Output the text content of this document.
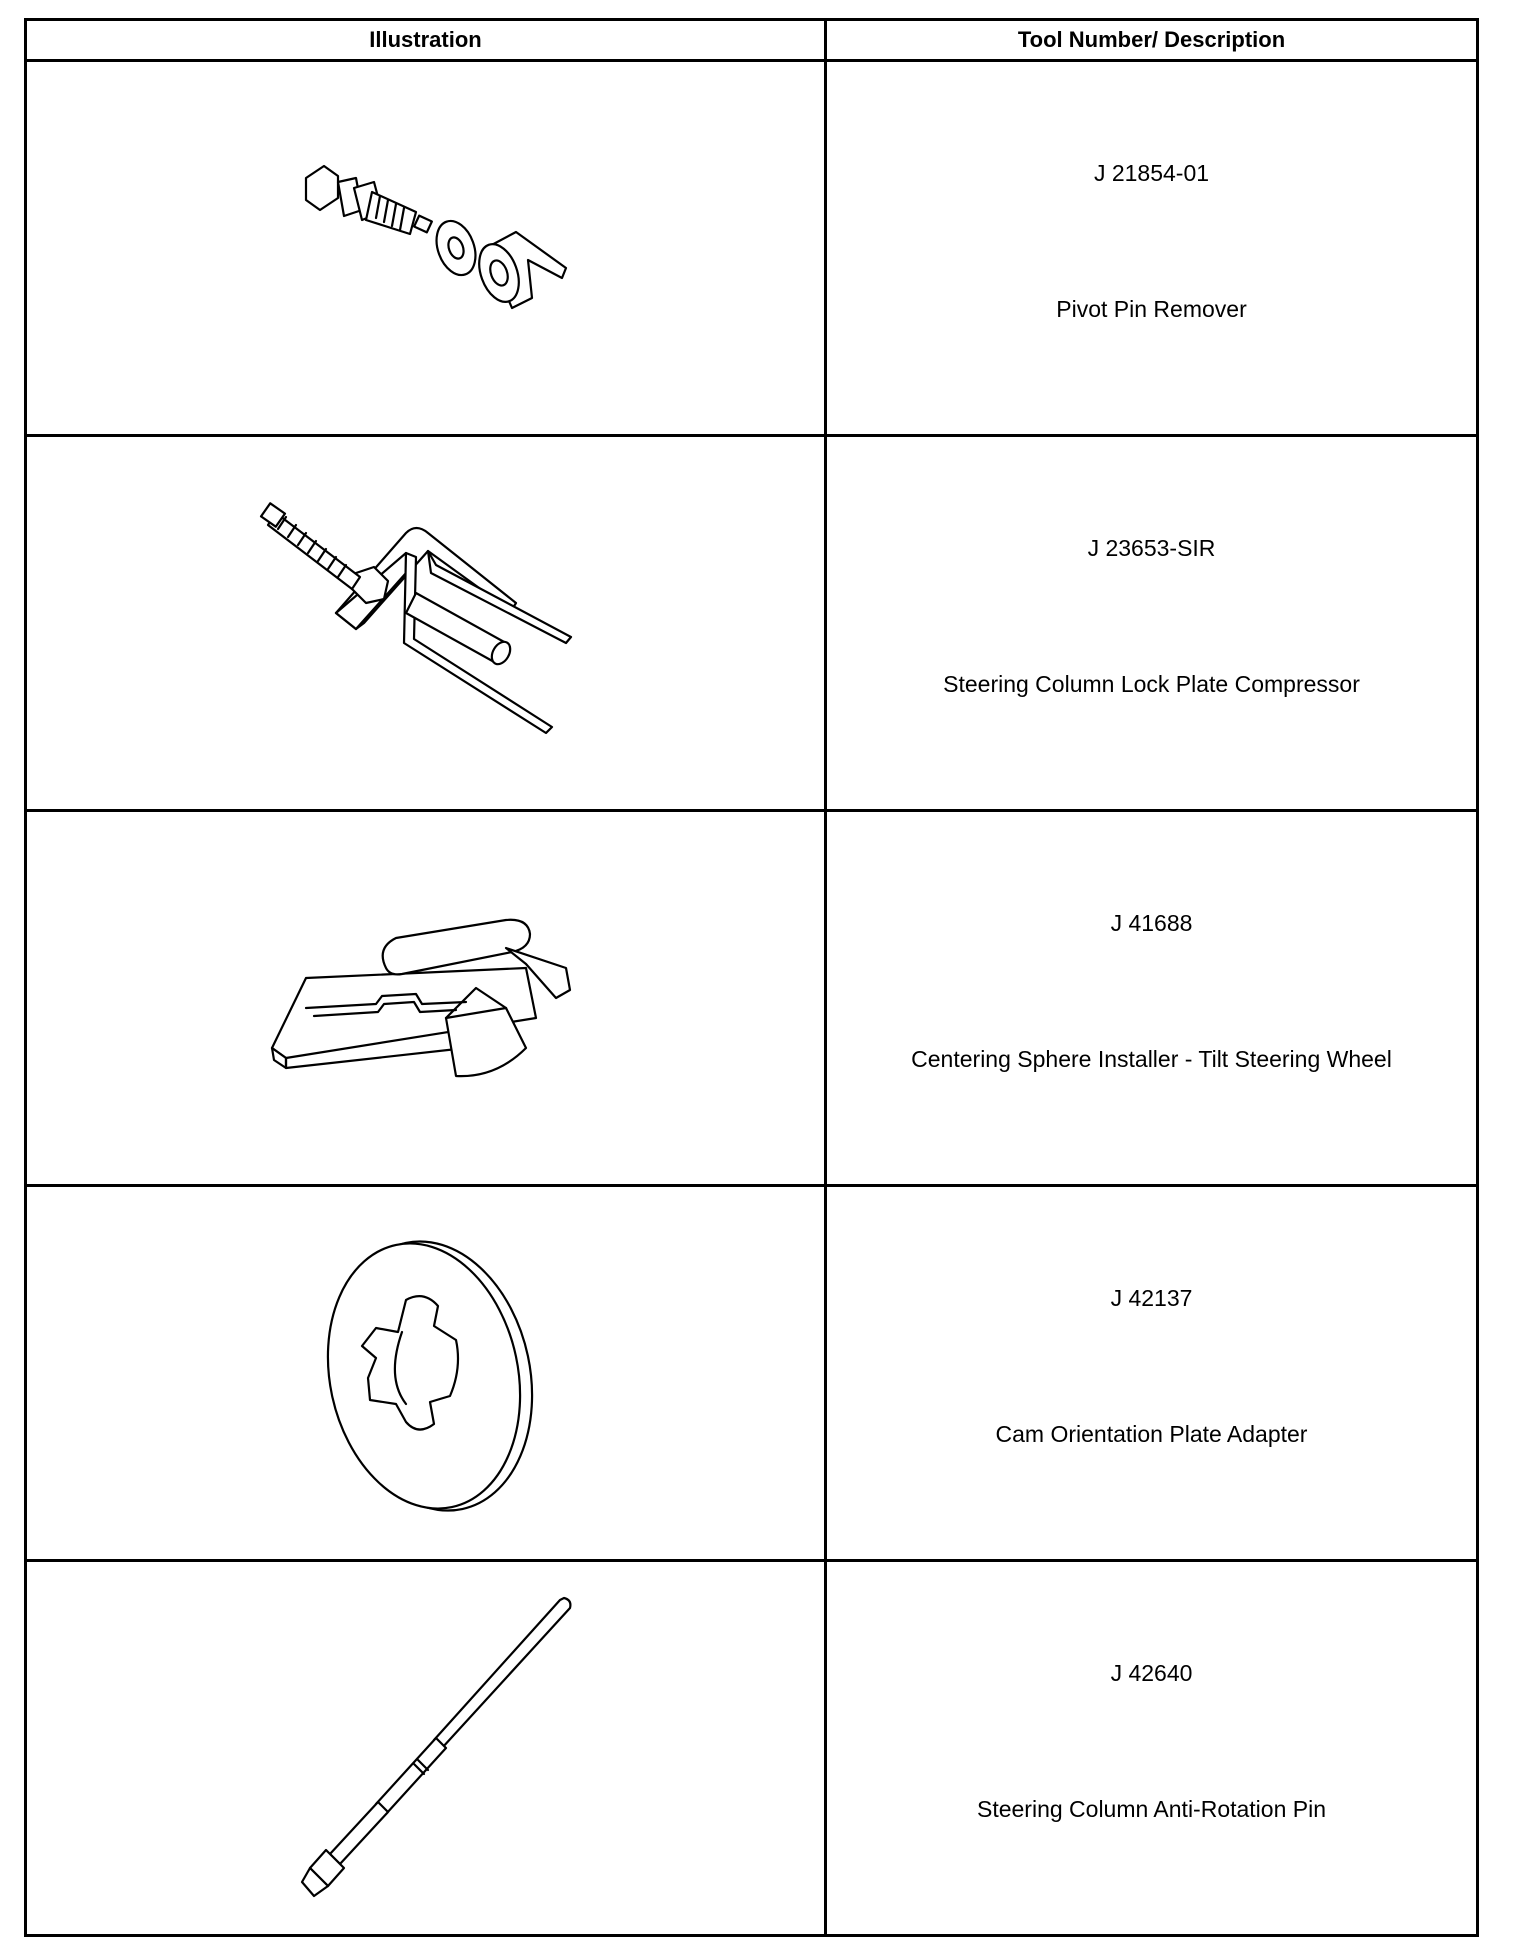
Illustration	Tool Number/ Description

J 21854-01
Pivot Pin Remover

J 23653-SIR
Steering Column Lock Plate Compressor

J 41688
Centering Sphere Installer - Tilt Steering Wheel

J 42137
Cam Orientation Plate Adapter

J 42640
Steering Column Anti-Rotation Pin
